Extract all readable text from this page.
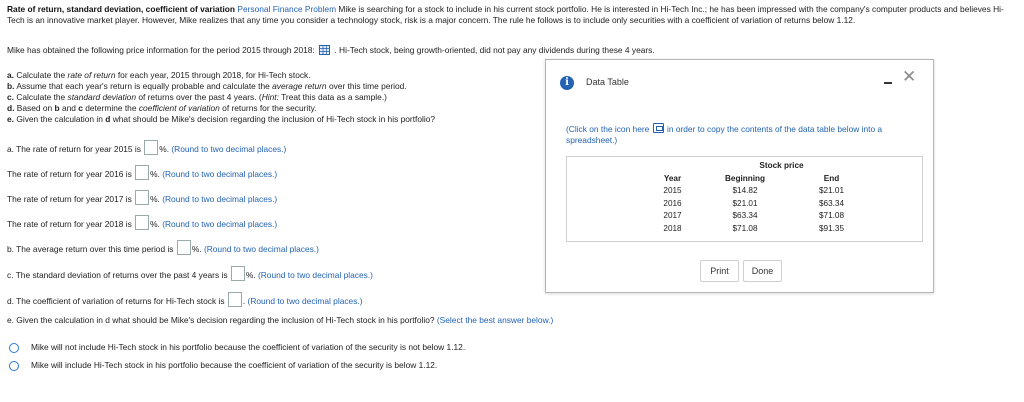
Rate of return, standard deviation, coefficient of variation Personal Finance Problem Mike is searching for a stock to include in his current stock portfolio. He is interested in Hi-Tech Inc.; he has been impressed with the company's computer products and believes Hi-Tech is an innovative market player. However, Mike realizes that any time you consider a technology stock, risk is a major concern. The rule he follows is to include only securities with a coefficient of variation of returns below 1.12.
Mike has obtained the following price information for the period 2015 through 2018: . Hi-Tech stock, being growth-oriented, did not pay any dividends during these 4 years.
a. Calculate the rate of return for each year, 2015 through 2018, for Hi-Tech stock.
b. Assume that each year's return is equally probable and calculate the average return over this time period.
c. Calculate the standard deviation of returns over the past 4 years. (Hint: Treat this data as a sample.)
d. Based on b and c determine the coefficient of variation of returns for the security.
e. Given the calculation in d what should be Mike's decision regarding the inclusion of Hi-Tech stock in his portfolio?
a. The rate of return for year 2015 is %. (Round to two decimal places.)
The rate of return for year 2016 is %. (Round to two decimal places.)
The rate of return for year 2017 is %. (Round to two decimal places.)
The rate of return for year 2018 is %. (Round to two decimal places.)
b. The average return over this time period is %. (Round to two decimal places.)
c. The standard deviation of returns over the past 4 years is %. (Round to two decimal places.)
d. The coefficient of variation of returns for Hi-Tech stock is . (Round to two decimal places.)
e. Given the calculation in d what should be Mike's decision regarding the inclusion of Hi-Tech stock in his portfolio? (Select the best answer below.)
Mike will not include Hi-Tech stock in his portfolio because the coefficient of variation of the security is not below 1.12.
Mike will include Hi-Tech stock in his portfolio because the coefficient of variation of the security is below 1.12.
i	Data Table	✕
(Click on the icon here in order to copy the contents of the data table below into a spreadsheet.)
	Stock price	
Year	Beginning	End
2015	$14.82	$21.01
2016	$21.01	$63.34
2017	$63.34	$71.08
2018	$71.08	$91.35
Print	Done
